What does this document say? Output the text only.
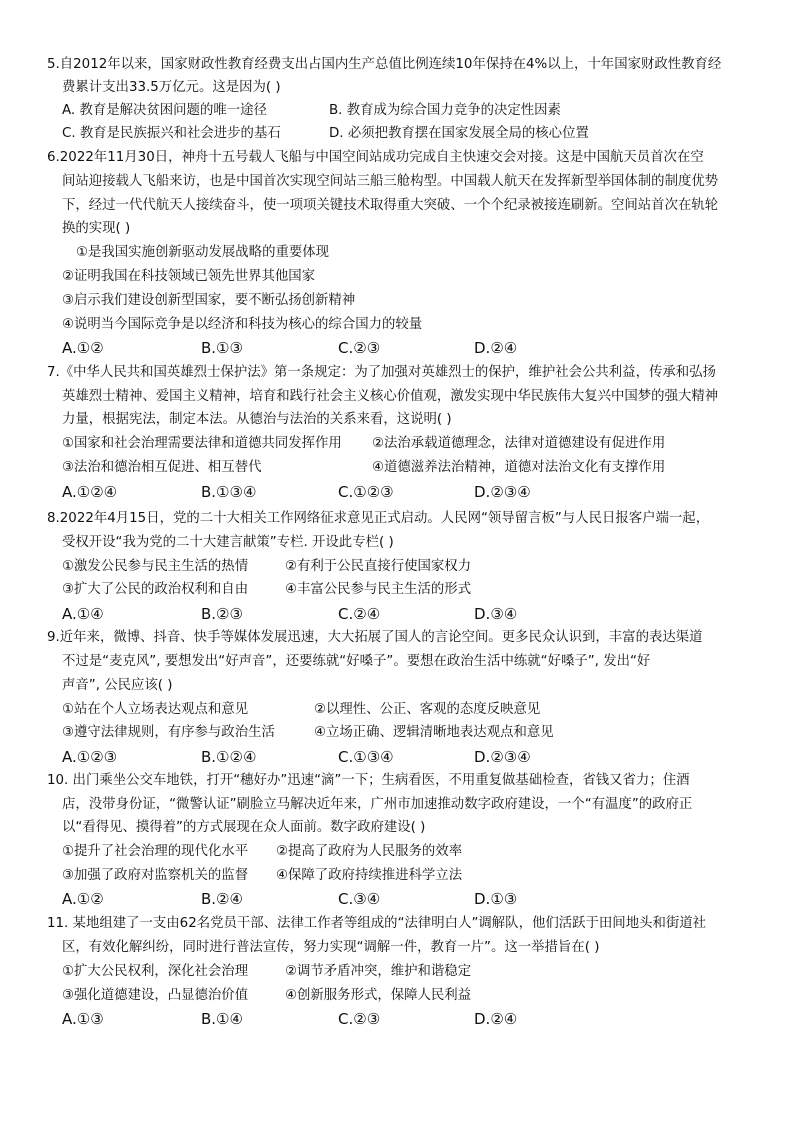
5.自2012年以来，国家财政性教育经费支出占国内生产总值比例连续10年保持在4%以上，十年国家财政性教育经
费累计支出33.5万亿元。这是因为( )
A. 教育是解决贫困问题的唯一途径	B. 教育成为综合国力竞争的决定性因素
C. 教育是民族振兴和社会进步的基石	D. 必须把教育摆在国家发展全局的核心位置
6.2022年11月30日，神舟十五号载人飞船与中国空间站成功完成自主快速交会对接。这是中国航天员首次在空
间站迎接载人飞船来访，也是中国首次实现空间站三船三舱构型。中国载人航天在发挥新型举国体制的制度优势
下，经过一代代航天人接续奋斗，使一项项关键技术取得重大突破、一个个纪录被接连刷新。空间站首次在轨轮
换的实现( )
①是我国实施创新驱动发展战略的重要体现
②证明我国在科技领域已领先世界其他国家
③启示我们建设创新型国家，要不断弘扬创新精神
④说明当今国际竞争是以经济和科技为核心的综合国力的较量
A.①②	B.①③	C.②③	D.②④
7.《中华人民共和国英雄烈士保护法》第一条规定：为了加强对英雄烈士的保护，维护社会公共利益，传承和弘扬
英雄烈士精神、爱国主义精神，培育和践行社会主义核心价值观，激发实现中华民族伟大复兴中国梦的强大精神
力量，根据宪法，制定本法。从德治与法治的关系来看，这说明( )
①国家和社会治理需要法律和道德共同发挥作用 ②法治承载道德理念，法律对道德建设有促进作用
③法治和德治相互促进、相互替代	④道德滋养法治精神，道德对法治文化有支撑作用
A.①②④	B.①③④	C.①②③	D.②③④
8.2022年4月15日，党的二十大相关工作网络征求意见正式启动。人民网“领导留言板”与人民日报客户端一起，
受权开设“我为党的二十大建言献策”专栏. 开设此专栏( )
①激发公民参与民主生活的热情	②有利于公民直接行使国家权力
③扩大了公民的政治权利和自由	④丰富公民参与民主生活的形式
A.①④	B.②③	C.②④	D.③④
9.近年来，微博、抖音、快手等媒体发展迅速，大大拓展了国人的言论空间。更多民众认识到，丰富的表达渠道
不过是“麦克风”, 要想发出“好声音”，还要练就“好嗓子”。要想在政治生活中练就“好嗓子”, 发出“好
声音”, 公民应该( )
①站在个人立场表达观点和意见	②以理性、公正、客观的态度反映意见
③遵守法律规则，有序参与政治生活	④立场正确、逻辑清晰地表达观点和意见
A.①②③	B.①②④	C.①③④	D.②③④
10. 出门乘坐公交车地铁，打开“穗好办”迅速“滴”一下；生病看医，不用重复做基础检查，省钱又省力；住酒
店，没带身份证，“微警认证”刷脸立马解决近年来，广州市加速推动数字政府建设，一个“有温度”的政府正
以“看得见、摸得着”的方式展现在众人面前。数字政府建设( )
①提升了社会治理的现代化水平 ②提高了政府为人民服务的效率
③加强了政府对监察机关的监督 ④保障了政府持续推进科学立法
A.①②	B.②④	C.③④	D.①③
11. 某地组建了一支由62名党员干部、法律工作者等组成的“法律明白人”调解队，他们活跃于田间地头和街道社
区，有效化解纠纷，同时进行普法宣传，努力实现“调解一件，教育一片”。这一举措旨在( )
①扩大公民权利，深化社会治理	②调节矛盾冲突，维护和谐稳定
③强化道德建设，凸显德治价值	④创新服务形式，保障人民利益
A.①③	B.①④	C.②③	D.②④
